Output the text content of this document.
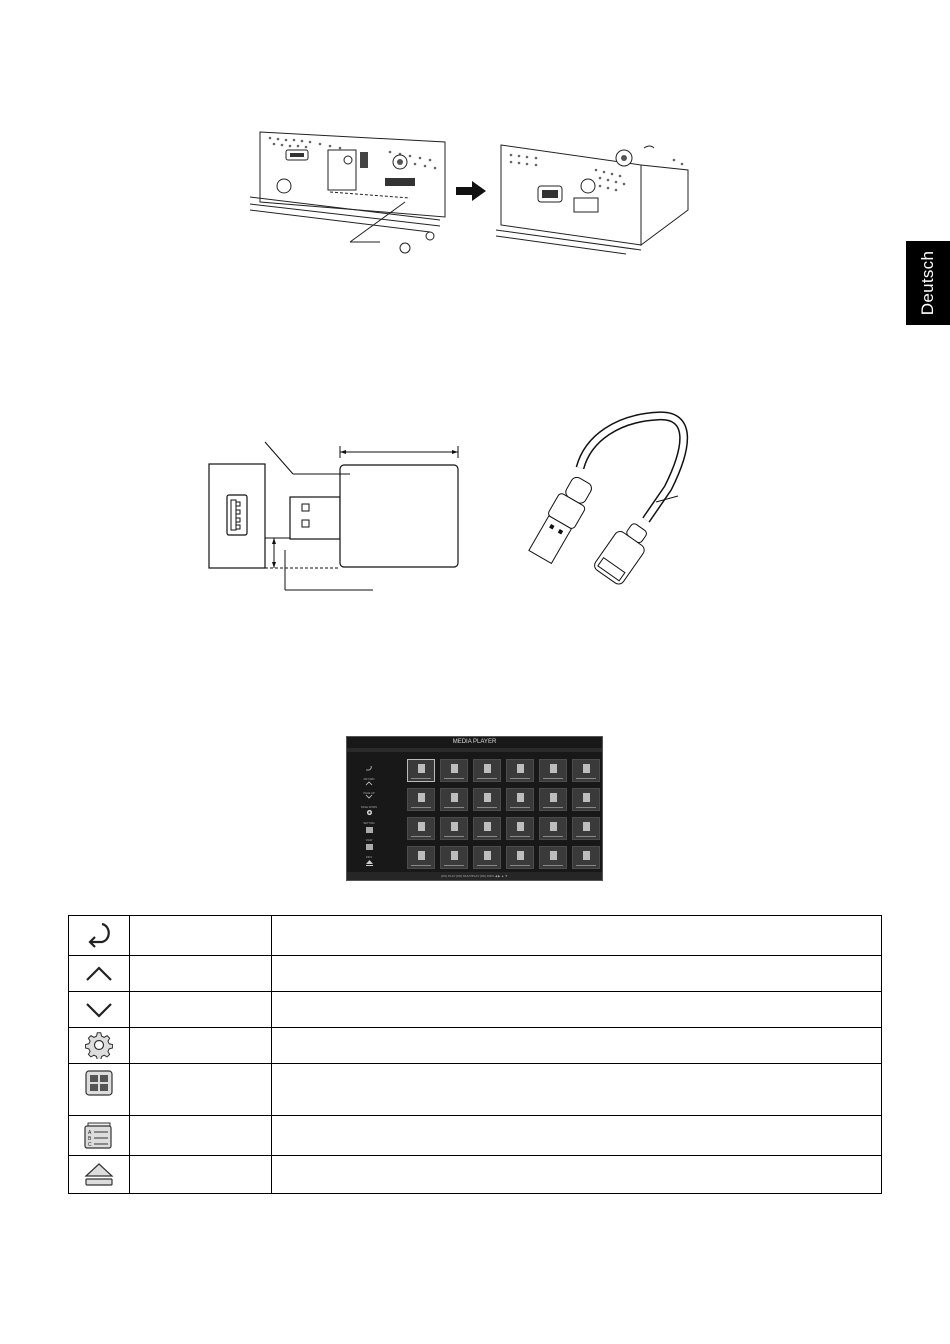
Deutsch
MEDIA PLAYER
RETURN
PAGE UP
PAGE DOWN
SETTING
VIEW
INFO
[OK] PLAY [OK] MULTIPLAY [OK] INFO ◀ ▶ ▲ ▼

A
B
C		
